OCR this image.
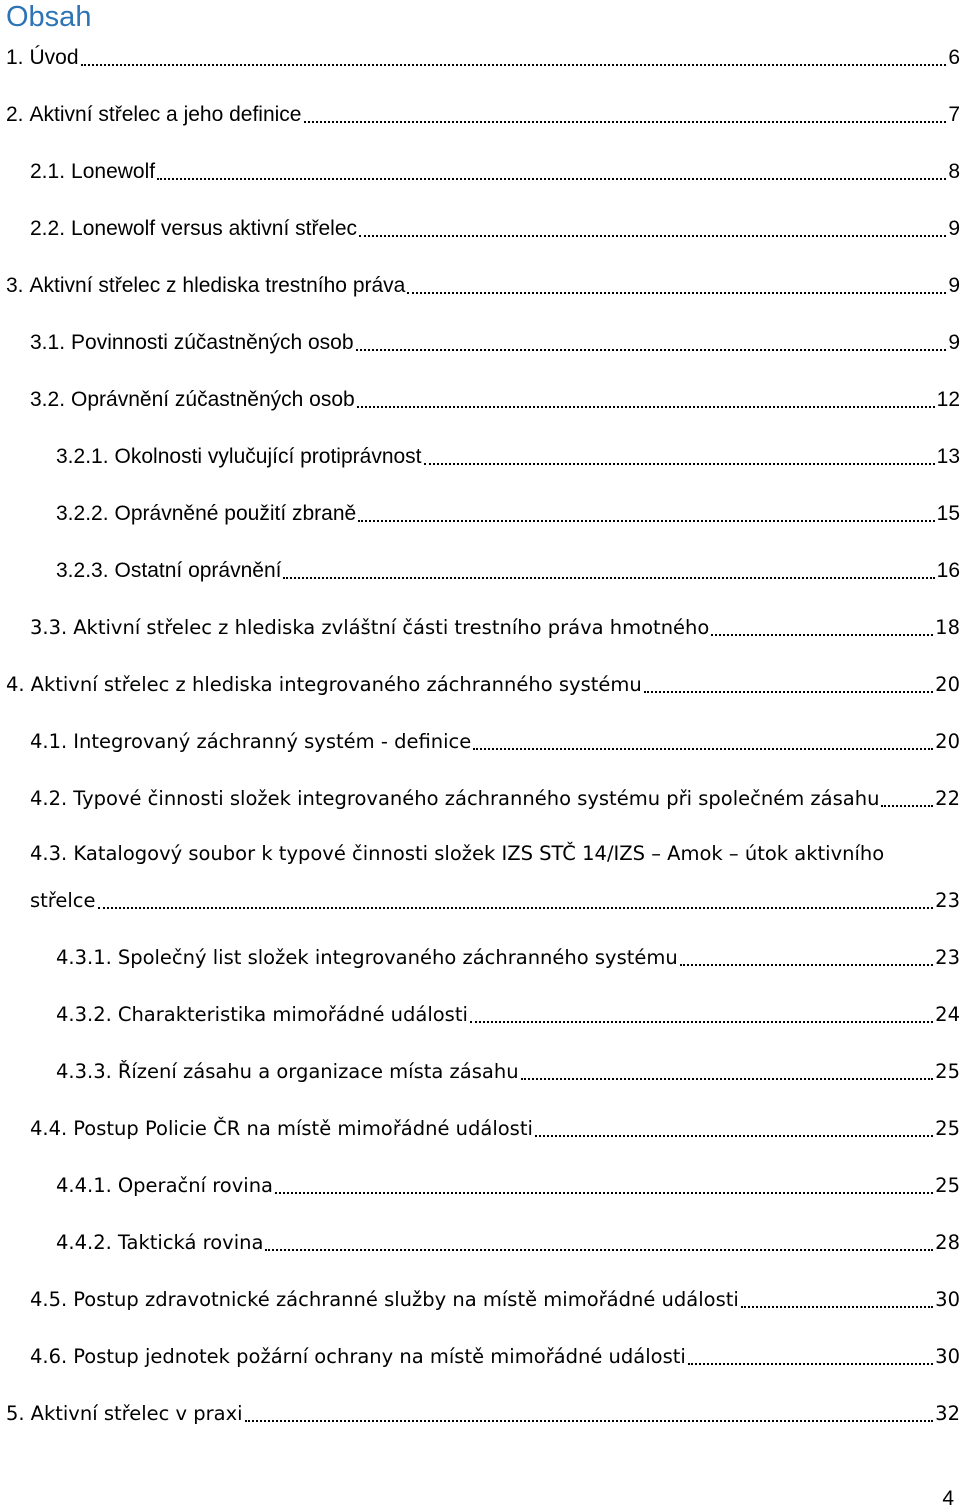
Obsah
1. Úvod	6
2. Aktivní střelec a jeho definice	7
2.1. Lonewolf	8
2.2. Lonewolf versus aktivní střelec	9
3. Aktivní střelec z hlediska trestního práva	9
3.1. Povinnosti zúčastněných osob	9
3.2. Oprávnění zúčastněných osob	12
3.2.1. Okolnosti vylučující protiprávnost	13
3.2.2. Oprávněné použití zbraně	15
3.2.3. Ostatní oprávnění	16
3.3. Aktivní střelec z hlediska zvláštní části trestního práva hmotného	18
4. Aktivní střelec z hlediska integrovaného záchranného systému	20
4.1. Integrovaný záchranný systém - definice	20
4.2. Typové činnosti složek integrovaného záchranného systému při společném zásahu	22
4.3. Katalogový soubor k typové činnosti složek IZS STČ 14/IZS – Amok – útok aktivního
střelce	23
4.3.1. Společný list složek integrovaného záchranného systému	23
4.3.2. Charakteristika mimořádné události	24
4.3.3. Řízení zásahu a organizace místa zásahu	25
4.4. Postup Policie ČR na místě mimořádné události	25
4.4.1. Operační rovina	25
4.4.2. Taktická rovina	28
4.5. Postup zdravotnické záchranné služby na místě mimořádné události	30
4.6. Postup jednotek požární ochrany na místě mimořádné události	30
5. Aktivní střelec v praxi	32
4
